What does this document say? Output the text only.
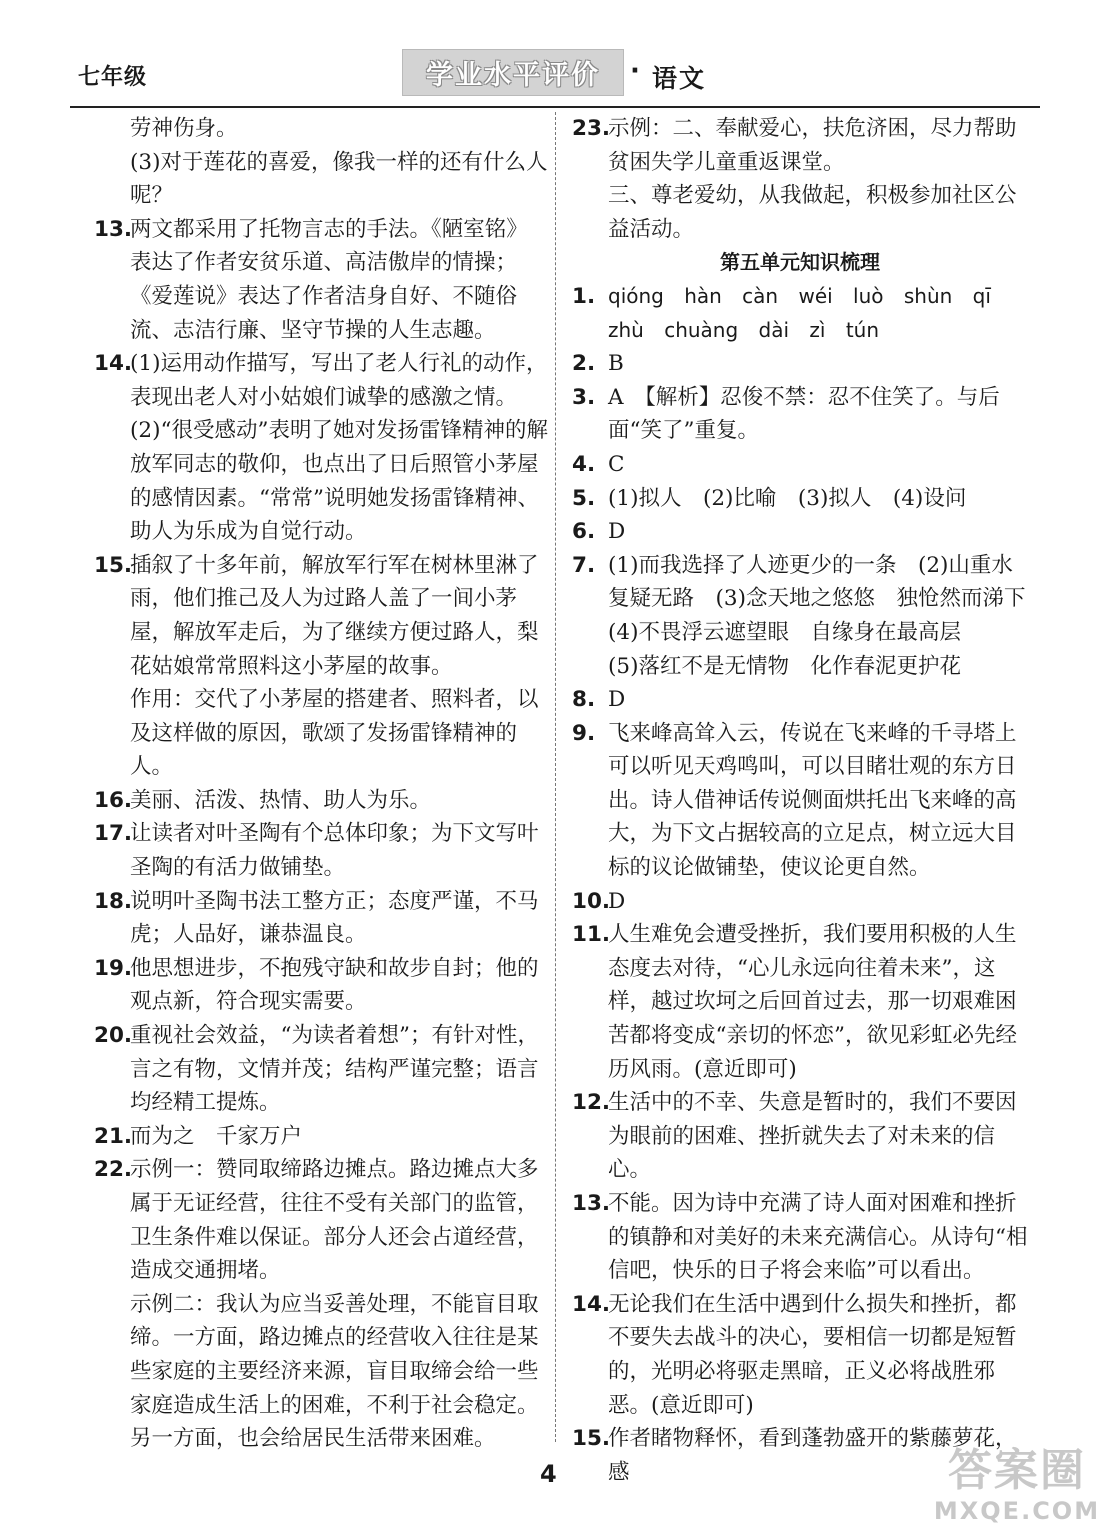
七年级	学业水平评价 · 语文
劳神伤身。
(3)对于莲花的喜爱，像我一样的还有什么人呢？
13.
两文都采用了托物言志的手法。《陋室铭》表达了作者安贫乐道、高洁傲岸的情操；《爱莲说》表达了作者洁身自好、不随俗流、志洁行廉、坚守节操的人生志趣。
14.
(1)运用动作描写，写出了老人行礼的动作，表现出老人对小姑娘们诚挚的感激之情。
(2)“很受感动”表明了她对发扬雷锋精神的解放军同志的敬仰，也点出了日后照管小茅屋的感情因素。“常常”说明她发扬雷锋精神、助人为乐成为自觉行动。
15.
插叙了十多年前，解放军行军在树林里淋了雨，他们推己及人为过路人盖了一间小茅屋，解放军走后，为了继续方便过路人，梨花姑娘常常照料这小茅屋的故事。
作用：交代了小茅屋的搭建者、照料者，以及这样做的原因，歌颂了发扬雷锋精神的人。
16.
美丽、活泼、热情、助人为乐。
17.
让读者对叶圣陶有个总体印象；为下文写叶圣陶的有活力做铺垫。
18.
说明叶圣陶书法工整方正；态度严谨，不马虎；人品好，谦恭温良。
19.
他思想进步，不抱残守缺和故步自封；他的观点新，符合现实需要。
20.
重视社会效益，“为读者着想”；有针对性，言之有物，文情并茂；结构严谨完整；语言均经精工提炼。
21.
而为之　千家万户
22.
示例一：赞同取缔路边摊点。路边摊点大多属于无证经营，往往不受有关部门的监管，卫生条件难以保证。部分人还会占道经营，造成交通拥堵。
示例二：我认为应当妥善处理，不能盲目取缔。一方面，路边摊点的经营收入往往是某些家庭的主要经济来源，盲目取缔会给一些家庭造成生活上的困难，不利于社会稳定。另一方面，也会给居民生活带来困难。
23.
示例：二、奉献爱心，扶危济困，尽力帮助贫困失学儿童重返课堂。
三、尊老爱幼，从我做起，积极参加社区公益活动。
第五单元知识梳理
1. qióng hàn càn wéi luò shùn qī
zhù chuàng dài zì tún
2. B
3. A　【解析】忍俊不禁：忍不住笑了。与后面“笑了”重复。
4. C
5. (1)拟人　(2)比喻　(3)拟人　(4)设问
6. D
7. (1)而我选择了人迹更少的一条　(2)山重水复疑无路　(3)念天地之悠悠　独怆然而涕下
(4)不畏浮云遮望眼　自缘身在最高层
(5)落红不是无情物　化作春泥更护花
8. D
9. 飞来峰高耸入云，传说在飞来峰的千寻塔上可以听见天鸡鸣叫，可以目睹壮观的东方日出。诗人借神话传说侧面烘托出飞来峰的高大，为下文占据较高的立足点，树立远大目标的议论做铺垫，使议论更自然。
10.
D
11.
人生难免会遭受挫折，我们要用积极的人生态度去对待，“心儿永远向往着未来”，这样，越过坎坷之后回首过去，那一切艰难困苦都将变成“亲切的怀恋”，欲见彩虹必先经历风雨。(意近即可)
12.
生活中的不幸、失意是暂时的，我们不要因为眼前的困难、挫折就失去了对未来的信心。
13.
不能。因为诗中充满了诗人面对困难和挫折的镇静和对美好的未来充满信心。从诗句“相信吧，快乐的日子将会来临”可以看出。
14.
无论我们在生活中遇到什么损失和挫折，都不要失去战斗的决心，要相信一切都是短暂的，光明必将驱走黑暗，正义必将战胜邪恶。(意近即可)
15.
作者睹物释怀，看到蓬勃盛开的紫藤萝花，感
4	答案圈
MXQE.COM
